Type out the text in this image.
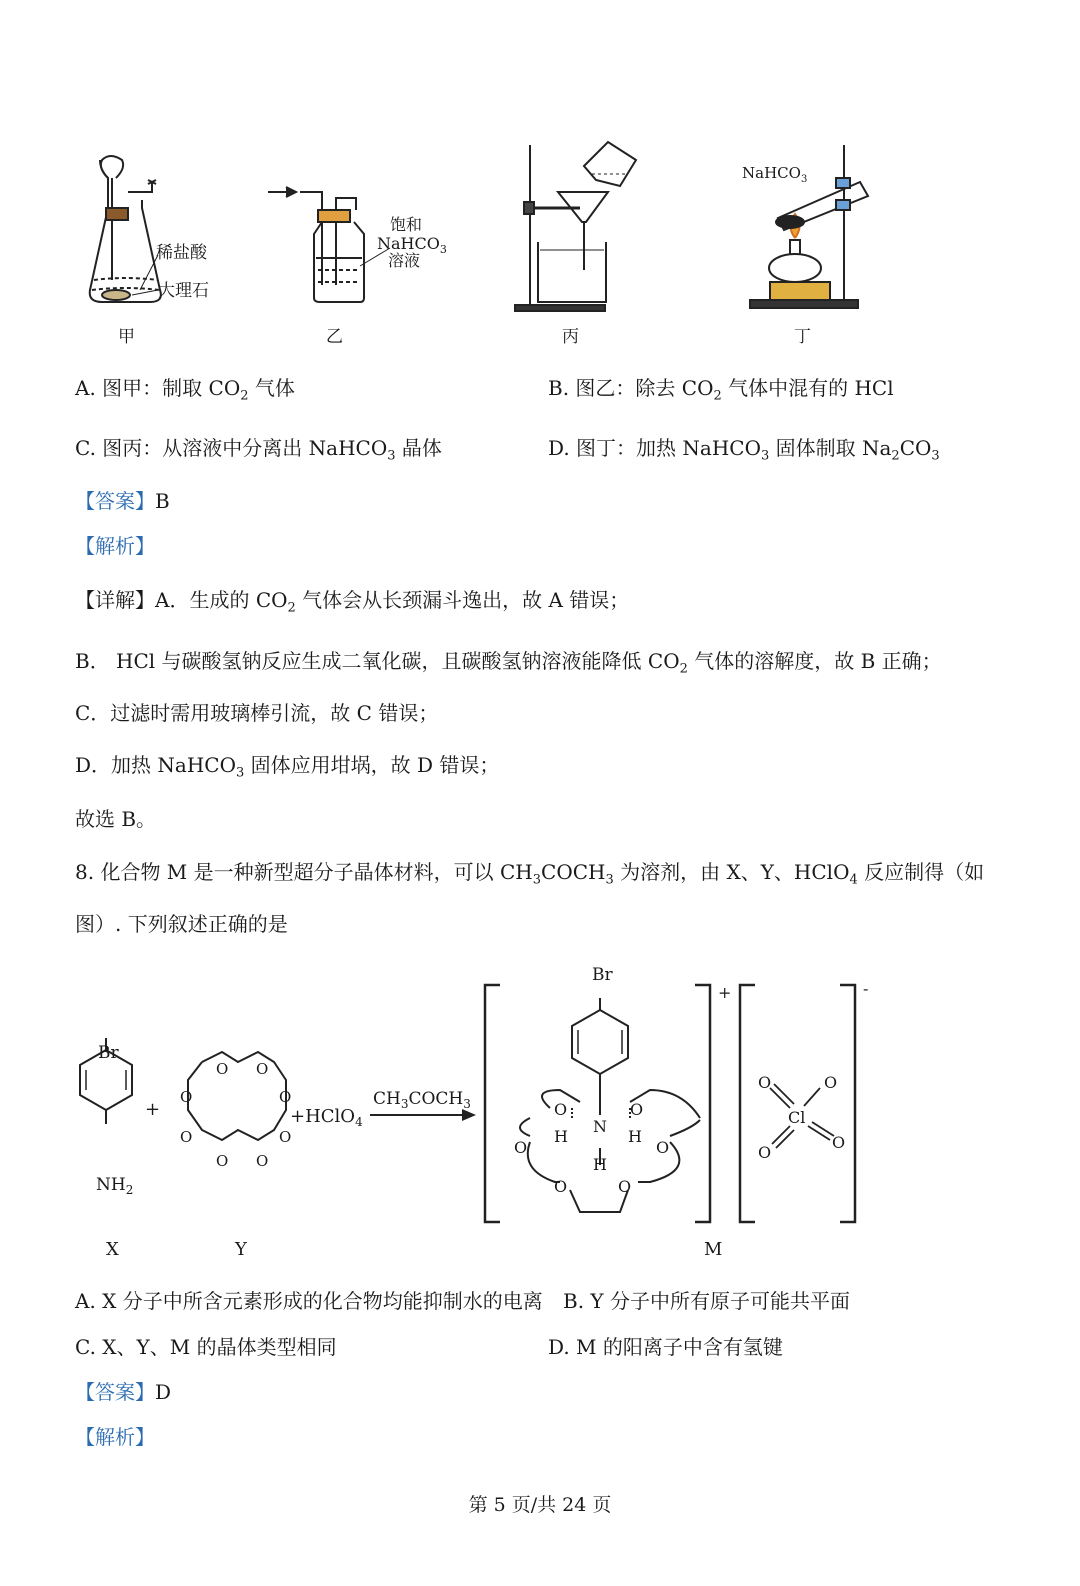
稀盐酸
大理石
甲
饱和
NaHCO$_3$
溶液
乙	丙
NaHCO$_3$
丁
A. 图甲：制取 $CO_2$ 气体	B. 图乙：除去 $CO_2$ 气体中混有的 HCl
C. 图丙：从溶液中分离出 NaHCO$_3$ 晶体	D. 图丁：加热 NaHCO$_3$ 固体制取 $Na_2CO_3$
【答案】B
【解析】
【详解】A．生成的 $CO_2$ 气体会从长颈漏斗逸出，故 A 错误；
B． HCl 与碳酸氢钠反应生成二氧化碳，且碳酸氢钠溶液能降低 $CO_2$ 气体的溶解度，故 B 正确；
C．过滤时需用玻璃棒引流，故 C 错误；
D．加热 NaHCO$_3$ 固体应用坩埚，故 D 错误；
故选 B。
8. 化合物 M 是一种新型超分子晶体材料，可以 $CH_3COCH_3$ 为溶剂，由 X、Y、HClO$_4$ 反应制得（如
图）. 下列叙述正确的是
Br
$NH_2$
X
+
O O
O	O
O	O
O O
Y
+HClO$_4$
$CH_3COCH_3$
+
Br
O	O
O	O
O	O
N
H	H
H
M
-
O	O
Cl
O
O
A. X 分子中所含元素形成的化合物均能抑制水的电离 B. Y 分子中所有原子可能共平面
C. X、Y、M 的晶体类型相同	D. M 的阳离子中含有氢键
【答案】D
【解析】
第 5 页/共 24 页
